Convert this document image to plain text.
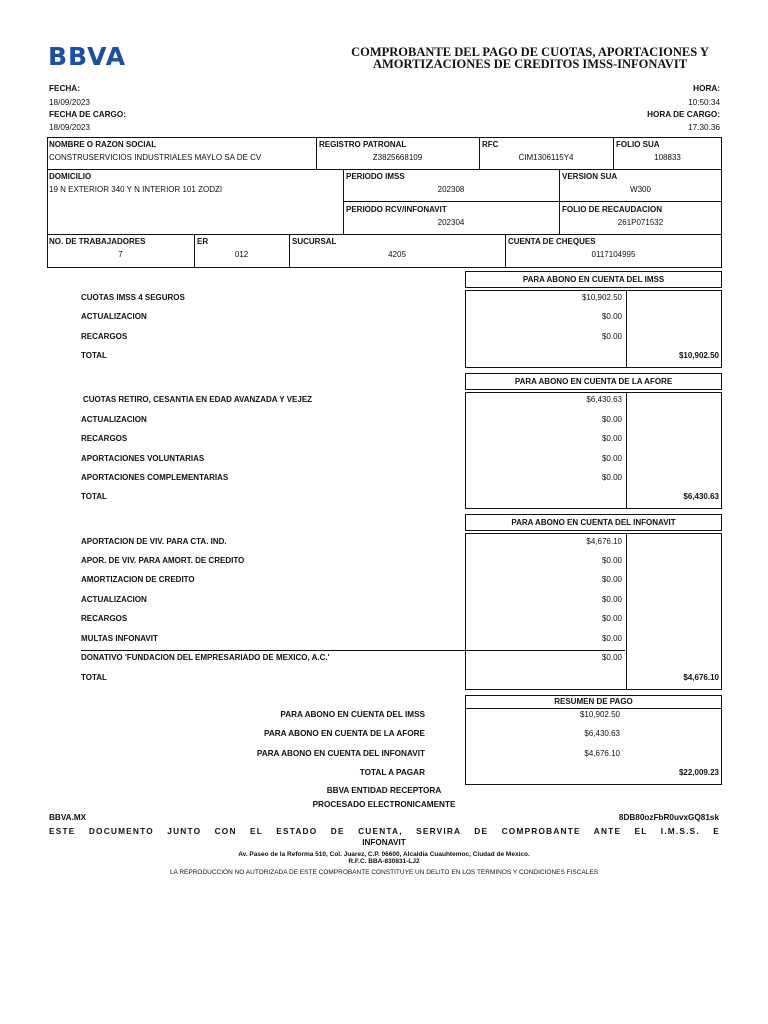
BBVA	COMPROBANTE DEL PAGO DE CUOTAS, APORTACIONES Y
AMORTIZACIONES DE CREDITOS IMSS-INFONAVIT
FECHA:
18/09/2023
FECHA DE CARGO:
18/09/2023
HORA:
10:50:34
HORA DE CARGO:
17.30.36
NOMBRE O RAZON SOCIAL
CONSTRUSERVICIOS INDUSTRIALES MAYLO SA DE CV
REGISTRO PATRONAL
Z3825668109
RFC
CIM1306115Y4
FOLIO SUA
108833
DOMICILIO
19 N EXTERIOR 340 Y N INTERIOR 101 ZODZI
PERIODO IMSS
202308
VERSION SUA
W300
PERIODO RCV/INFONAVIT
202304
FOLIO DE RECAUDACION
261P071532
NO. DE TRABAJADORES
7
ER
012
SUCURSAL
4205
CUENTA DE CHEQUES
0117104995
PARA ABONO EN CUENTA DEL IMSS
CUOTAS IMSS 4 SEGUROS	$10,902.50
ACTUALIZACION	$0.00
RECARGOS	$0.00
TOTAL	$10,902.50
PARA ABONO EN CUENTA DE LA AFORE
CUOTAS RETIRO, CESANTIA EN EDAD AVANZADA Y VEJEZ	$6,430.63
ACTUALIZACION	$0.00
RECARGOS	$0.00
APORTACIONES VOLUNTARIAS	$0.00
APORTACIONES COMPLEMENTARIAS	$0.00
TOTAL	$6,430.63
PARA ABONO EN CUENTA DEL INFONAVIT
APORTACION DE VIV. PARA CTA. IND.	$4,676.10
APOR. DE VIV. PARA AMORT. DE CREDITO	$0.00
AMORTIZACION DE CREDITO	$0.00
ACTUALIZACION	$0.00
RECARGOS	$0.00
MULTAS INFONAVIT	$0.00
DONATIVO 'FUNDACION DEL EMPRESARIADO DE MEXICO, A.C.'	$0.00
TOTAL	$4,676.10
RESUMEN DE PAGO
PARA ABONO EN CUENTA DEL IMSS	$10,902.50
PARA ABONO EN CUENTA DE LA AFORE	$6,430.63
PARA ABONO EN CUENTA DEL INFONAVIT	$4,676.10
TOTAL A PAGAR	$22,009.23
BBVA ENTIDAD RECEPTORA
PROCESADO ELECTRONICAMENTE
BBVA.MX	8DB80ozFbR0uvxGQ81sk
ESTE DOCUMENTO JUNTO CON EL ESTADO DE CUENTA, SERVIRA DE COMPROBANTE ANTE EL I.M.S.S. E
INFONAVIT
Av. Paseo de la Reforma 510, Col. Juarez, C.P. 06600, Alcaldia Cuauhtemoc, Ciudad de Mexico.
R.F.C. BBA-830831-LJ2
LA REPRODUCCION NO AUTORIZADA DE ESTE COMPROBANTE CONSTITUYE UN DELITO EN LOS TERMINOS Y CONDICIONES FISCALES
